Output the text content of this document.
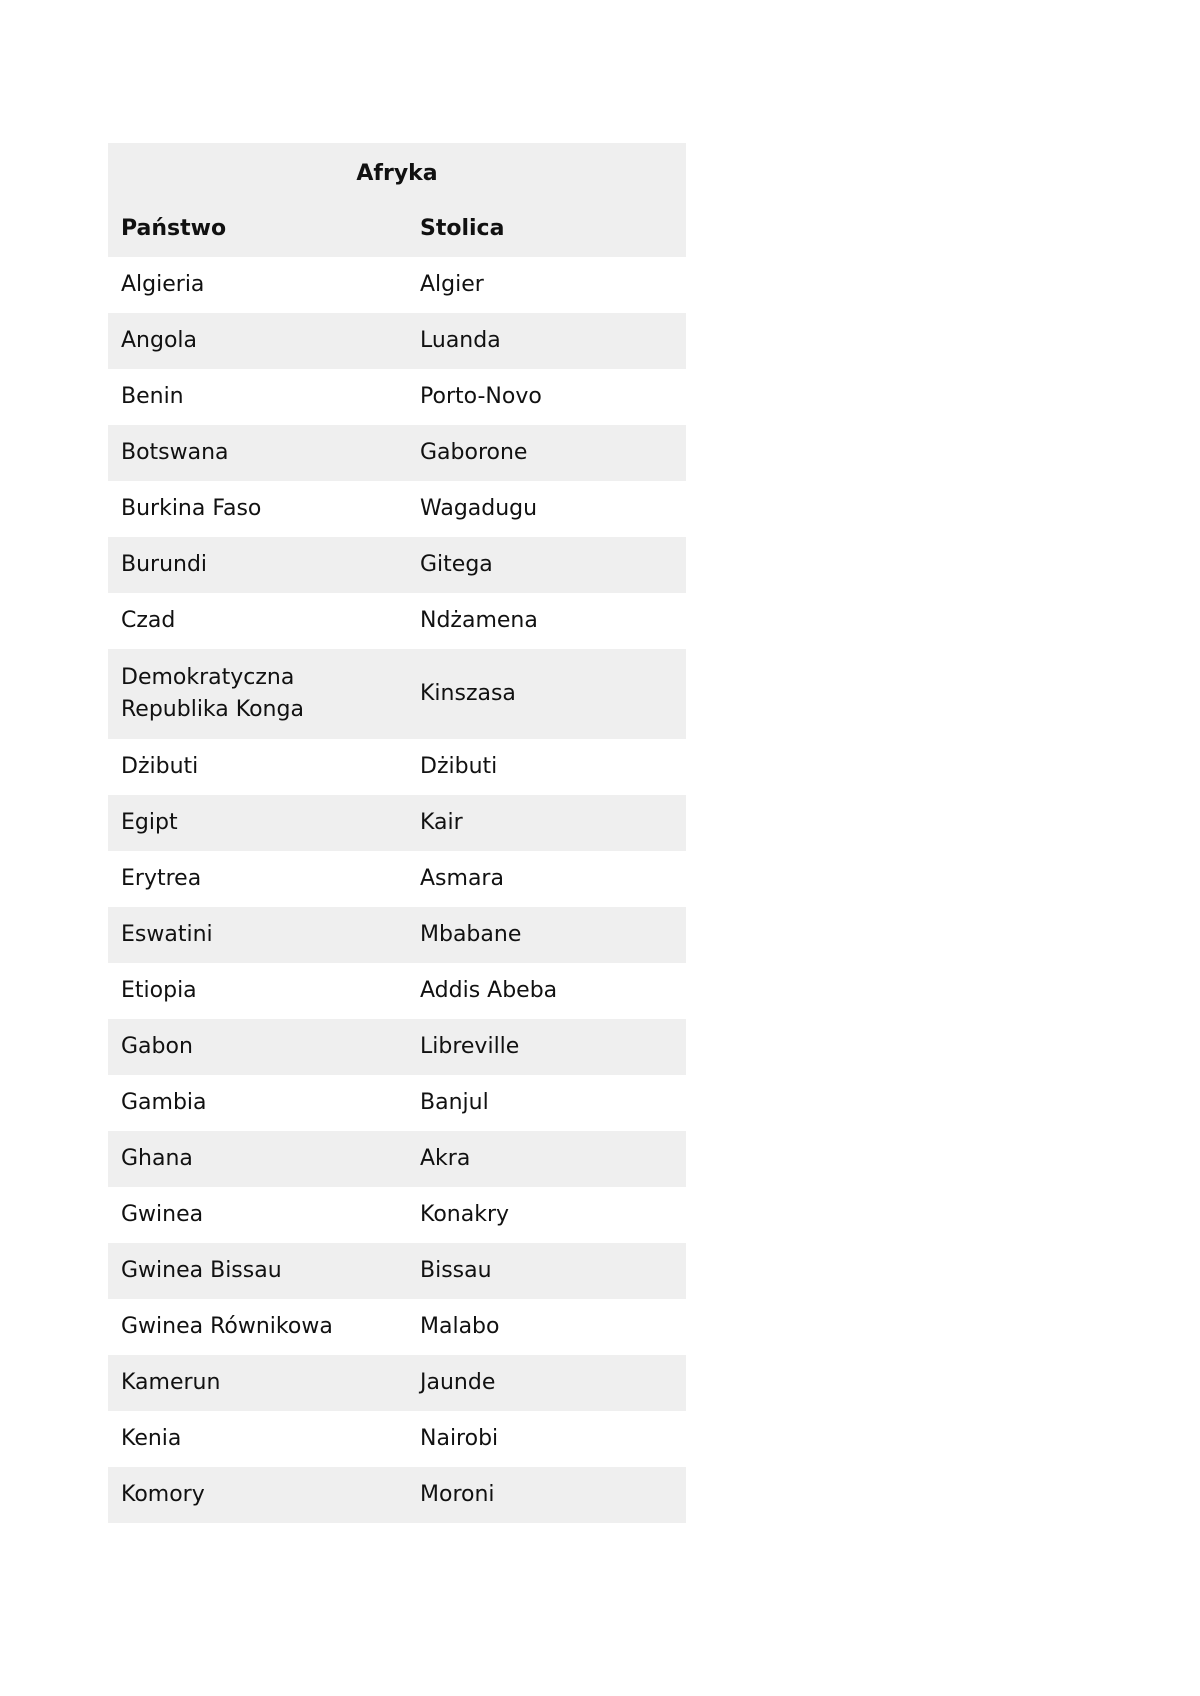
Afryka	
Państwo	Stolica
Algieria	Algier
Angola	Luanda
Benin	Porto-Novo
Botswana	Gaborone
Burkina Faso	Wagadugu
Burundi	Gitega
Czad	Ndżamena
Demokratyczna Republika Konga	Kinszasa
Dżibuti	Dżibuti
Egipt	Kair
Erytrea	Asmara
Eswatini	Mbabane
Etiopia	Addis Abeba
Gabon	Libreville
Gambia	Banjul
Ghana	Akra
Gwinea	Konakry
Gwinea Bissau	Bissau
Gwinea Równikowa	Malabo
Kamerun	Jaunde
Kenia	Nairobi
Komory	Moroni
